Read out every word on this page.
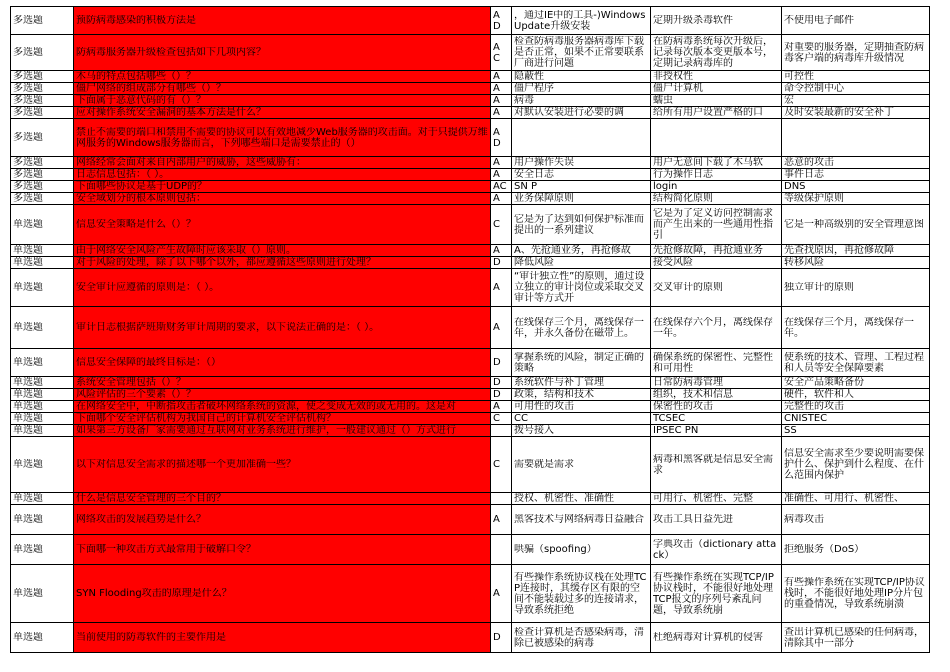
多选题	预防病毒感染的积极方法是	A D	，通过IE中的工具-)Windows Update升级安装	定期升级杀毒软件	不使用电子邮件

多选题	防病毒服务器升级检查包括如下几项内容？	A C	检查防病毒服务器病毒库下载是否正常，如果不正常要联系厂商进行问题	在防病毒系统每次升级后，记录每次版本变更版本号，定期记录病毒库的	对重要的服务器，定期抽查防病毒客户端的病毒库升级情况

多选题	木马的特点包括哪些（）？	A	隐蔽性	非授权性	可控性

多选题	僵尸网络的组成部分有哪些（）？	A	僵尸程序	僵尸计算机	命令控制中心

多选题	下面属于恶意代码的有（）？	A	病毒	蠕虫	宏

多选题	应对操作系统安全漏洞的基本方法是什么？	A	对默认安装进行必要的调	给所有用户设置严格的口	及时安装最新的安全补丁

多选题	禁止不需要的端口和禁用不需要的协议可以有效地减少Web服务器的攻击面。对于只提供万维网服务的Windows服务器而言，下列哪些端口是需要禁止的（）	A D			

多选题	网络经常会面对来自内部用户的威胁，这些威胁有：	A	用户操作失误	用户无意间下载了木马软	恶意的攻击

多选题	日志信息包括：（ ）。	A	安全日志	行为操作日志	事件日志

多选题	下面哪些协议是基于UDP的？	AC	SN P	login	DNS

多选题	安全域划分的根本原则包括：	A	业务保障原则	结构简化原则	等级保护原则

单选题	信息安全策略是什么（）？	C	它是为了达到如何保护标准而提出的一系列建议	它是为了定义访问控制需求而产生出来的一些通用性指引	它是一种高级别的安全管理意图

单选题	由于网络安全风险产生故障时应该采取（）原则。	A	A、先抢通业务，再抢修故	先抢修故障，再抢通业务	先查找原因，再抢修故障

单选题	对于风险的处理，除了以下哪个以外，都应遵循这些原则进行处理？	D	降低风险	接受风险	转移风险

单选题	安全审计应遵循的原则是：（ ）。	A	“审计独立性”的原则，通过设立独立的审计岗位或采取交叉审计等方式开	交叉审计的原则	独立审计的原则

单选题	审计日志根据萨班斯财务审计周期的要求，以下说法正确的是：（ ）。	A	在线保存三个月，离线保存一年，并永久备份在磁带上。	在线保存六个月，离线保存一年。	在线保存三个月，离线保存一年。

单选题	信息安全保障的最终目标是：（）	D	掌握系统的风险，制定正确的策略	确保系统的保密性、完整性和可用性	使系统的技术、管理、工程过程和人员等安全保障要素

单选题	系统安全管理包括（）？	D	系统软件与补丁管理	日常防病毒管理	安全产品策略备份

单选题	风险评估的三个要素（）？	D	政策，结构和技术	组织，技术和信息	硬件，软件和人

单选题	在网络安全中，中断指攻击者破坏网络系统的资源，使之变成无效的或无用的。这是对	A	可用性的攻击	保密性的攻击	完整性的攻击

单选题	下面哪个安全评估机构为我国自己的计算机安全评估机构？	C	CC	TCSEC	CNISTEC

单选题	如果第三方设备厂家需要通过互联网对业务系统进行维护，一般建议通过（）方式进行		拨号接入	IPSEC PN	SS

单选题	以下对信息安全需求的描述哪一个更加准确一些？	C	需要就是需求	病毒和黑客就是信息安全需求	信息安全需求至少要说明需要保护什么、保护到什么程度、在什么范围内保护

单选题	什么是信息安全管理的三个目的？		授权、机密性、准确性	可用行、机密性、完整	准确性、可用行、机密性、

单选题	网络攻击的发展趋势是什么？	A	黑客技术与网络病毒日益融合	攻击工具日益先进	病毒攻击

单选题	下面哪一种攻击方式最常用于破解口令？		哄骗（spoofing）	字典攻击（dictionary attack）	拒绝服务（DoS）

单选题	SYN Flooding攻击的原理是什么？	A	有些操作系统协议栈在处理TCP连接时，其缓存区有限的空间不能装载过多的连接请求，导致系统拒绝	有些操作系统在实现TCP/IP协议栈时，不能很好地处理TCP报文的序列号紊乱问题，导致系统崩	有些操作系统在实现TCP/IP协议栈时，不能很好地处理IP分片包的重叠情况，导致系统崩溃

单选题	当前使用的防毒软件的主要作用是	D	检查计算机是否感染病毒，清除已被感染的病毒	杜绝病毒对计算机的侵害	查出计算机已感染的任何病毒，清除其中一部分
